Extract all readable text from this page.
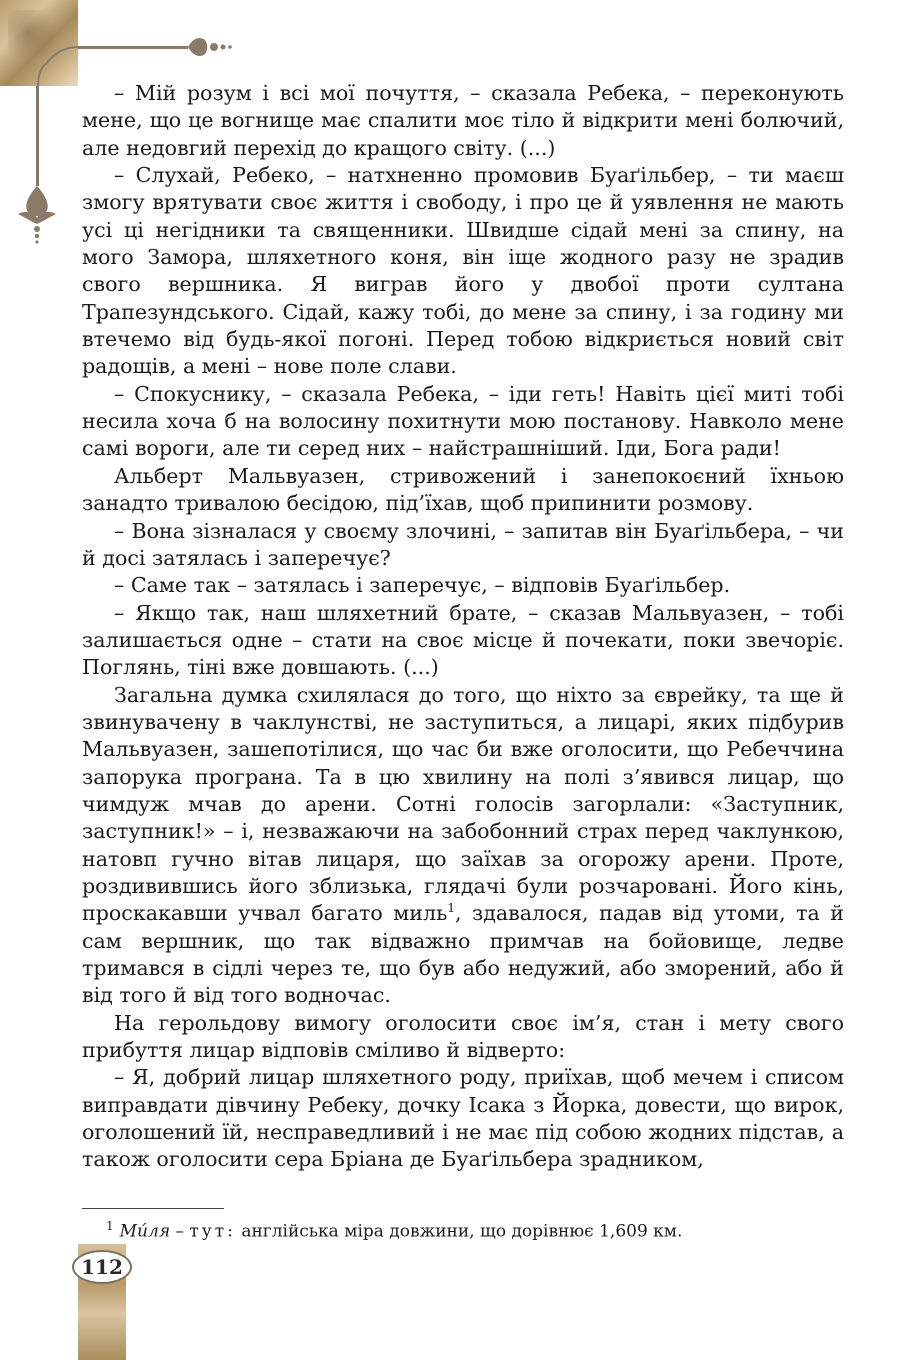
– Мій розум і всі мої почуття, – сказала Ребека, – переконують мене, що це вогнище має спалити моє тіло й відкрити мені болючий, але недовгий перехід до кращого світу. (...)

– Слухай, Ребеко, – натхненно промовив Буаґільбер, – ти маєш змогу врятувати своє життя і свободу, і про це й уявлення не мають усі ці негідники та священники. Швидше сідай мені за спину, на мого Замора, шляхетного коня, він іще жодного разу не зрадив свого вершника. Я виграв його у двобої проти султана Трапезундського. Сідай, кажу тобі, до мене за спину, і за годину ми втечемо від будь-якої погоні. Перед тобою відкриється новий світ радощів, а мені – нове поле слави.

– Спокуснику, – сказала Ребека, – іди геть! Навіть цієї миті тобі несила хоча б на волосину похитнути мою постанову. Навколо мене самі вороги, але ти серед них – найстрашніший. Іди, Бога ради!

Альберт Мальвуазен, стривожений і занепокоєний їхньою занадто тривалою бесідою, під’їхав, щоб припинити розмову.

– Вона зізналася у своєму злочині, – запитав він Буаґільбера, – чи й досі затялась і заперечує?

– Саме так – затялась і заперечує, – відповів Буаґільбер.

– Якщо так, наш шляхетний брате, – сказав Мальвуазен, – тобі залишається одне – стати на своє місце й почекати, поки звечоріє. Поглянь, тіні вже довшають. (...)

Загальна думка схилялася до того, що ніхто за єврейку, та ще й звинувачену в чаклунстві, не заступиться, а лицарі, яких підбурив Мальвуазен, зашепотілися, що час би вже оголосити, що Ребеччина запорука програна. Та в цю хвилину на полі з’явився лицар, що чимдуж мчав до арени. Сотні голосів загорлали: «Заступник, заступник!» – і, незважаючи на забобонний страх перед чаклункою, натовп гучно вітав лицаря, що заїхав за огорожу арени. Проте, роздивившись його зблизька, глядачі були розчаровані. Його кінь, проскакавши учвал багато миль$^1$, здавалося, падав від утоми, та й сам вершник, що так відважно примчав на бойовище, ледве тримався в сідлі через те, що був або недужий, або зморений, або й від того й від того водночас.

На герольдову вимогу оголосити своє ім’я, стан і мету свого прибуття лицар відповів сміливо й відверто:

– Я, добрий лицар шляхетного роду, приїхав, щоб мечем і списом виправдати дівчину Ребеку, дочку Ісака з Йорка, довести, що вирок, оголошений їй, несправедливий і не має під собою жодних підстав, а також оголосити сера Бріана де Буаґільбера зрадником,

$^1$ Ми́ля – тут: англійська міра довжини, що дорівнює 1,609 км.
112
